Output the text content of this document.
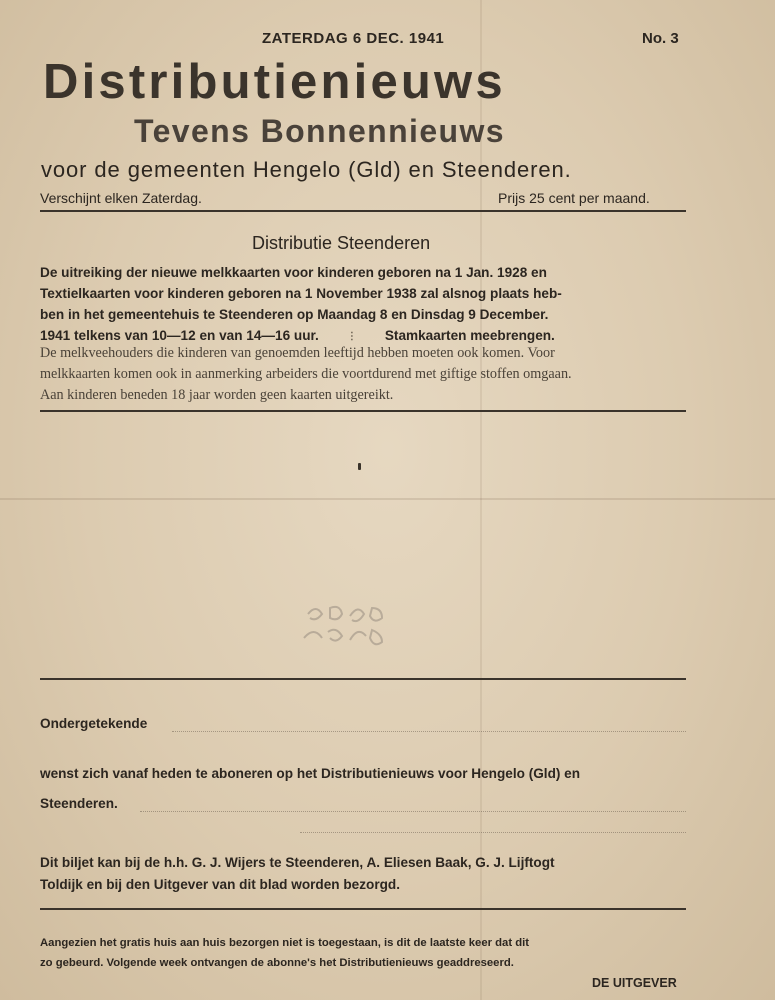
ZATERDAG 6 DEC. 1941	No. 3
Distributienieuws
Tevens Bonnennieuws
voor de gemeenten Hengelo (Gld) en Steenderen.
Verschijnt elken Zaterdag.	Prijs 25 cent per maand.
Distributie Steenderen
De uitreiking der nieuwe melkkaarten voor kinderen geboren na 1 Jan. 1928 en
Textielkaarten voor kinderen geboren na 1 November 1938 zal alsnog plaats heb-
ben in het gemeentehuis te Steenderen op Maandag 8 en Dinsdag 9 December.
1941 telkens van 10—12 en van 14—16 uur.	⋮ Stamkaarten meebrengen.
De melkveehouders die kinderen van genoemden leeftijd hebben moeten ook komen. Voor
melkkaarten komen ook in aanmerking arbeiders die voortdurend met giftige stoffen omgaan.
Aan kinderen beneden 18 jaar worden geen kaarten uitgereikt.
Ondergetekende
wenst zich vanaf heden te aboneren op het Distributienieuws voor Hengelo (Gld) en
Steenderen.
Dit biljet kan bij de h.h. G. J. Wijers te Steenderen, A. Eliesen Baak, G. J. Lijftogt
Toldijk en bij den Uitgever van dit blad worden bezorgd.
Aangezien het gratis huis aan huis bezorgen niet is toegestaan, is dit de laatste keer dat dit
zo gebeurd. Volgende week ontvangen de abonne's het Distributienieuws geaddreseerd.
DE UITGEVER
